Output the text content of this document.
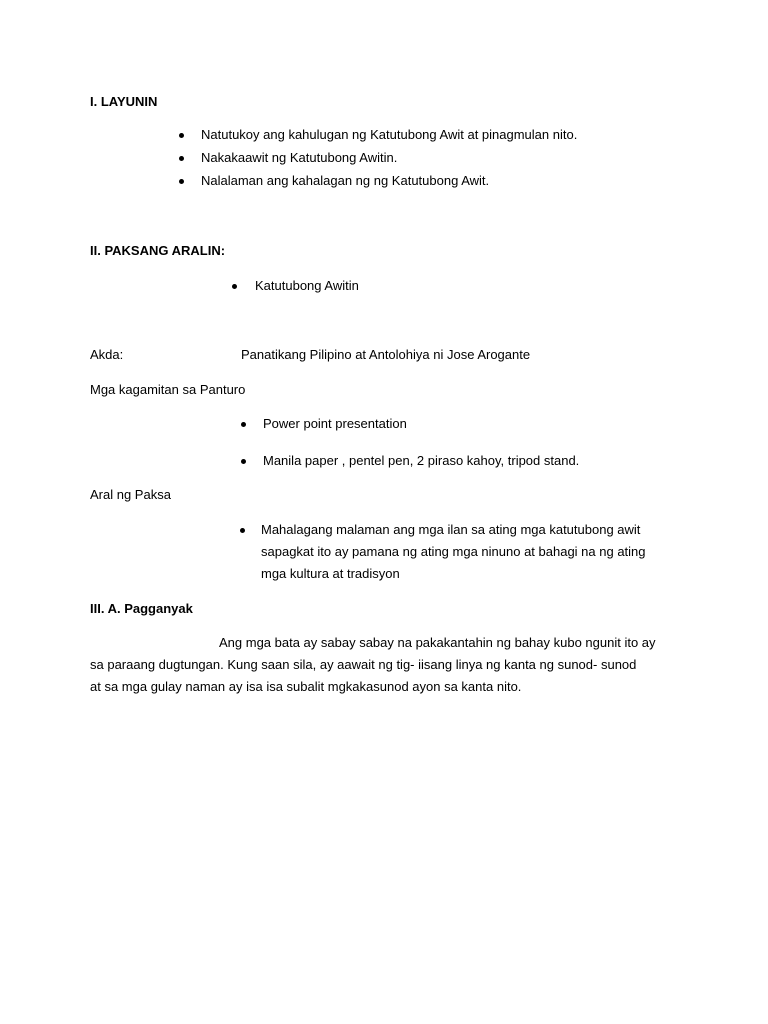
I. LAYUNIN
Natutukoy ang kahulugan ng Katutubong Awit at pinagmulan nito.
Nakakaawit ng Katutubong Awitin.
Nalalaman ang kahalagan ng ng Katutubong Awit.
II. PAKSANG ARALIN:
Katutubong Awitin
Akda:	Panatikang Pilipino at Antolohiya ni Jose Arogante
Mga kagamitan sa Panturo
Power point presentation
Manila paper , pentel pen, 2 piraso kahoy, tripod stand.
Aral ng Paksa
Mahalagang malaman ang mga ilan sa ating mga katutubong awit
sapagkat ito ay pamana ng ating mga ninuno at bahagi na ng ating
mga kultura at tradisyon
III. A. Pagganyak
Ang mga bata ay sabay sabay na pakakantahin ng bahay kubo ngunit ito ay
sa paraang dugtungan. Kung saan sila, ay aawait ng tig- iisang linya ng kanta ng sunod- sunod
at sa mga gulay naman ay isa isa subalit mgkakasunod ayon sa kanta nito.
